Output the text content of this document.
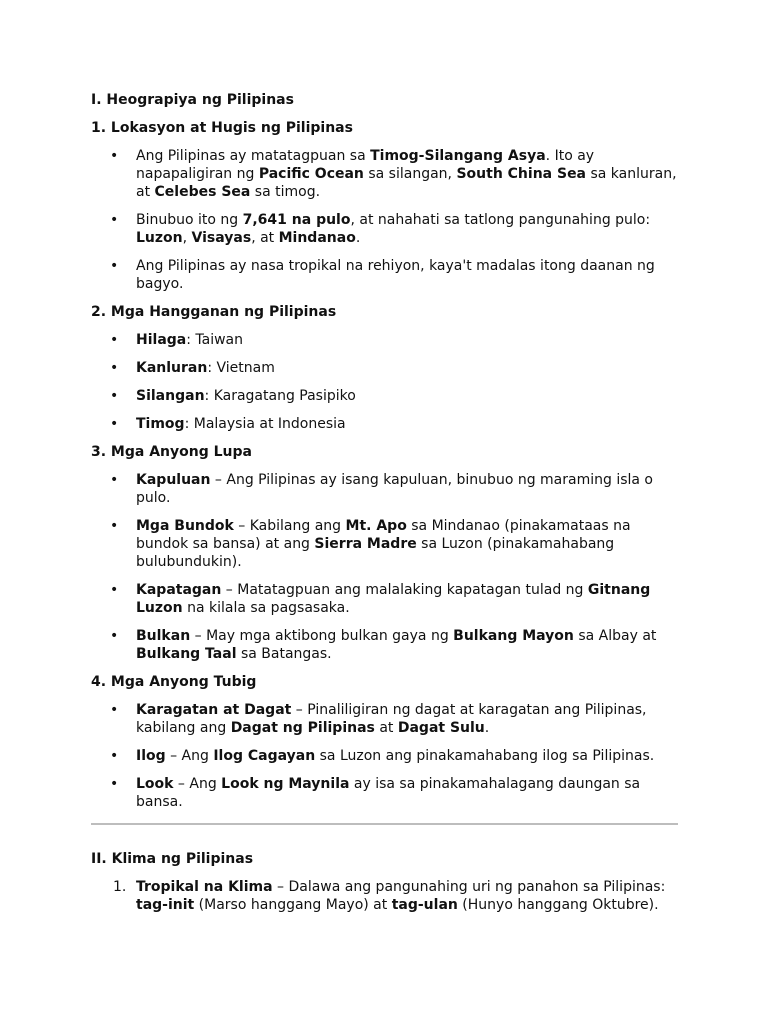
I. Heograpiya ng Pilipinas

1. Lokasyon at Hugis ng Pilipinas

• Ang Pilipinas ay matatagpuan sa Timog-Silangang Asya. Ito ay napapaligiran ng Pacific Ocean sa silangan, South China Sea sa kanluran, at Celebes Sea sa timog.
• Binubuo ito ng 7,641 na pulo, at nahahati sa tatlong pangunahing pulo: Luzon, Visayas, at Mindanao.
• Ang Pilipinas ay nasa tropikal na rehiyon, kaya't madalas itong daanan ng bagyo.

2. Mga Hangganan ng Pilipinas

• Hilaga: Taiwan
• Kanluran: Vietnam
• Silangan: Karagatang Pasipiko
• Timog: Malaysia at Indonesia

3. Mga Anyong Lupa

• Kapuluan – Ang Pilipinas ay isang kapuluan, binubuo ng maraming isla o pulo.
• Mga Bundok – Kabilang ang Mt. Apo sa Mindanao (pinakamataas na bundok sa bansa) at ang Sierra Madre sa Luzon (pinakamahabang bulubundukin).
• Kapatagan – Matatagpuan ang malalaking kapatagan tulad ng Gitnang Luzon na kilala sa pagsasaka.
• Bulkan – May mga aktibong bulkan gaya ng Bulkang Mayon sa Albay at Bulkang Taal sa Batangas.

4. Mga Anyong Tubig

• Karagatan at Dagat – Pinaliligiran ng dagat at karagatan ang Pilipinas, kabilang ang Dagat ng Pilipinas at Dagat Sulu.
• Ilog – Ang Ilog Cagayan sa Luzon ang pinakamahabang ilog sa Pilipinas.
• Look – Ang Look ng Maynila ay isa sa pinakamahalagang daungan sa bansa.

II. Klima ng Pilipinas

1. Tropikal na Klima – Dalawa ang pangunahing uri ng panahon sa Pilipinas: tag-init (Marso hanggang Mayo) at tag-ulan (Hunyo hanggang Oktubre).
